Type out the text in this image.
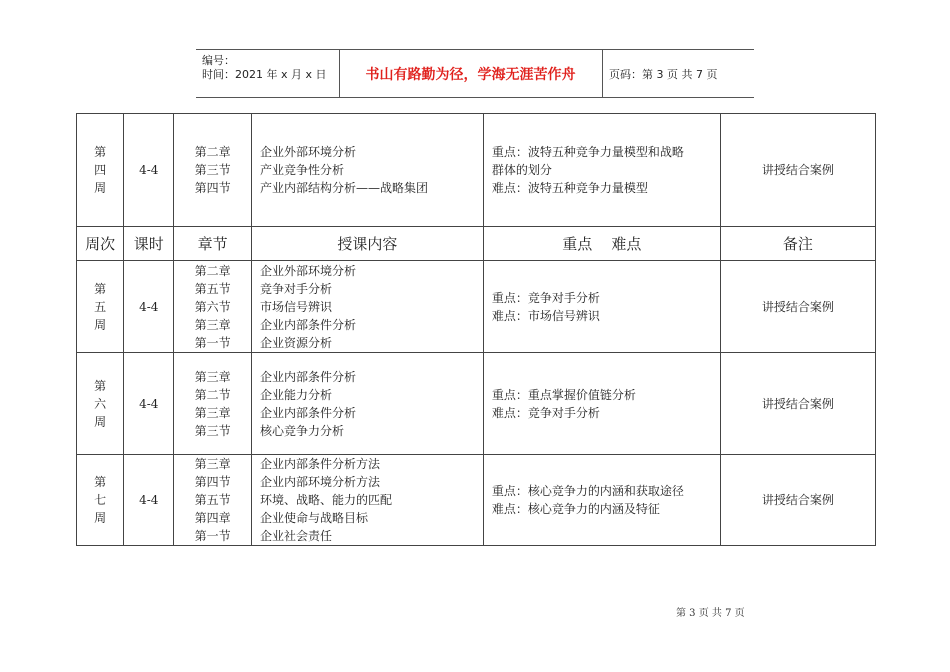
编号：
时间：2021 年 x 月 x 日	书山有路勤为径，学海无涯苦作舟	页码：第 3 页 共 7 页
第
四
周	4-4	第二章
第三节
第四节	企业外部环境分析
产业竞争性分析
产业内部结构分析——战略集团	重点：波特五种竞争力量模型和战略
群体的划分
难点：波特五种竞争力量模型	讲授结合案例
周次	课时	章节	授课内容	重点    难点	备注

第
五
周	4-4	第二章
第五节
第六节
第三章
第一节	企业外部环境分析
竞争对手分析
市场信号辨识
企业内部条件分析
企业资源分析	重点：竞争对手分析
难点：市场信号辨识	讲授结合案例

第
六
周	4-4	第三章
第二节
第三章
第三节	企业内部条件分析
企业能力分析
企业内部条件分析
核心竞争力分析	重点：重点掌握价值链分析
难点：竞争对手分析	讲授结合案例

第
七
周	4-4	第三章
第四节
第五节
第四章
第一节	企业内部条件分析方法
企业内部环境分析方法
环境、战略、能力的匹配
企业使命与战略目标
企业社会责任	重点：核心竞争力的内涵和获取途径
难点：核心竞争力的内涵及特征	讲授结合案例
第 3 页 共 7 页
